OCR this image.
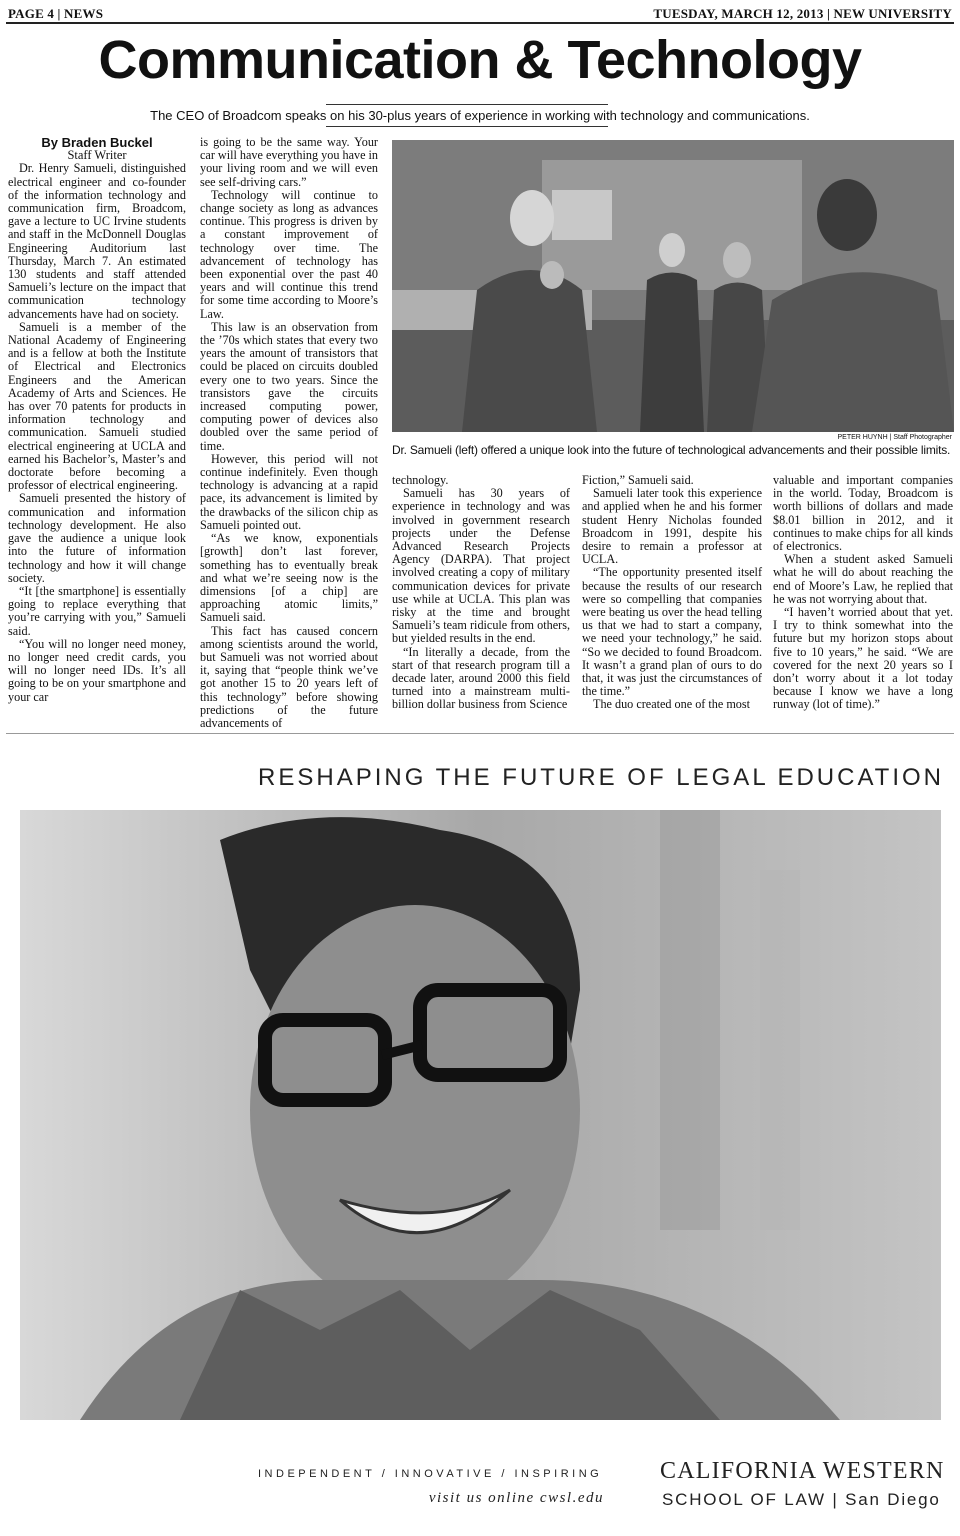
PAGE 4 | NEWS	TUESDAY, MARCH 12, 2013 | NEW UNIVERSITY
Communication & Technology
The CEO of Broadcom speaks on his 30-plus years of experience in working with technology and communications.

By Braden Buckel

Staff Writer

Dr. Henry Samueli, distinguished electrical engineer and co-founder of the information technology and communication firm, Broadcom, gave a lecture to UC Irvine students and staff in the McDonnell Douglas Engineering Auditorium last Thursday, March 7. An estimated 130 students and staff attended Samueli’s lecture on the impact that communication technology advancements have had on society.

Samueli is a member of the National Academy of Engineering and is a fellow at both the Institute of Electrical and Electronics Engineers and the American Academy of Arts and Sciences. He has over 70 patents for products in information technology and communication. Samueli studied electrical engineering at UCLA and earned his Bachelor’s, Master’s and doctorate before becoming a professor of electrical engineering.

Samueli presented the history of communication and information technology development. He also gave the audience a unique look into the future of information technology and how it will change society.

“It [the smartphone] is essentially going to replace everything that you’re carrying with you,” Samueli said.

“You will no longer need money, no longer need credit cards, you will no longer need IDs. It’s all going to be on your smartphone and your car

is going to be the same way. Your car will have everything you have in your living room and we will even see self-driving cars.”

Technology will continue to change society as long as advances continue. This progress is driven by a constant improvement of technology over time. The advancement of technology has been exponential over the past 40 years and will continue this trend for some time according to Moore’s Law.

This law is an observation from the ’70s which states that every two years the amount of transistors that could be placed on circuits doubled every one to two years. Since the transistors gave the circuits increased computing power, computing power of devices also doubled over the same period of time.

However, this period will not continue indefinitely. Even though technology is advancing at a rapid pace, its advancement is limited by the drawbacks of the silicon chip as Samueli pointed out.

“As we know, exponentials [growth] don’t last forever, something has to eventually break and what we’re seeing now is the dimensions [of a chip] are approaching atomic limits,” Samueli said.

This fact has caused concern among scientists around the world, but Samueli was not worried about it, saying that “people think we’ve got another 15 to 20 years left of this technology” before showing predictions of the future advancements of

PETER HUYNH | Staff Photographer
Dr. Samueli (left) offered a unique look into the future of technological advancements and their possible limits.

technology.

Samueli has 30 years of experience in technology and was involved in government research projects under the Defense Advanced Research Projects Agency (DARPA). That project involved creating a copy of military communication devices for private use while at UCLA. This plan was risky at the time and brought Samueli’s team ridicule from others, but yielded results in the end.

“In literally a decade, from the start of that research program till a decade later, around 2000 this field turned into a mainstream multi-billion dollar business from Science

Fiction,” Samueli said.

Samueli later took this experience and applied when he and his former student Henry Nicholas founded Broadcom in 1991, despite his desire to remain a professor at UCLA.

“The opportunity presented itself because the results of our research were so compelling that companies were beating us over the head telling us that we had to start a company, we need your technology,” he said. “So we decided to found Broadcom. It wasn’t a grand plan of ours to do that, it was just the circumstances of the time.”

The duo created one of the most

valuable and important companies in the world. Today, Broadcom is worth billions of dollars and made $8.01 billion in 2012, and it continues to make chips for all kinds of electronics.

When a student asked Samueli what he will do about reaching the end of Moore’s Law, he replied that he was not worrying about that.

“I haven’t worried about that yet. I try to think somewhat into the future but my horizon stops about five to 10 years,” he said. “We are covered for the next 20 years so I don’t worry about it a lot today because I know we have a long runway (lot of time).”

RESHAPING THE FUTURE OF LEGAL EDUCATION
INDEPENDENT / INNOVATIVE / INSPIRING
visit us online cwsl.edu
CALIFORNIA WESTERN
SCHOOL OF LAW | San Diego
